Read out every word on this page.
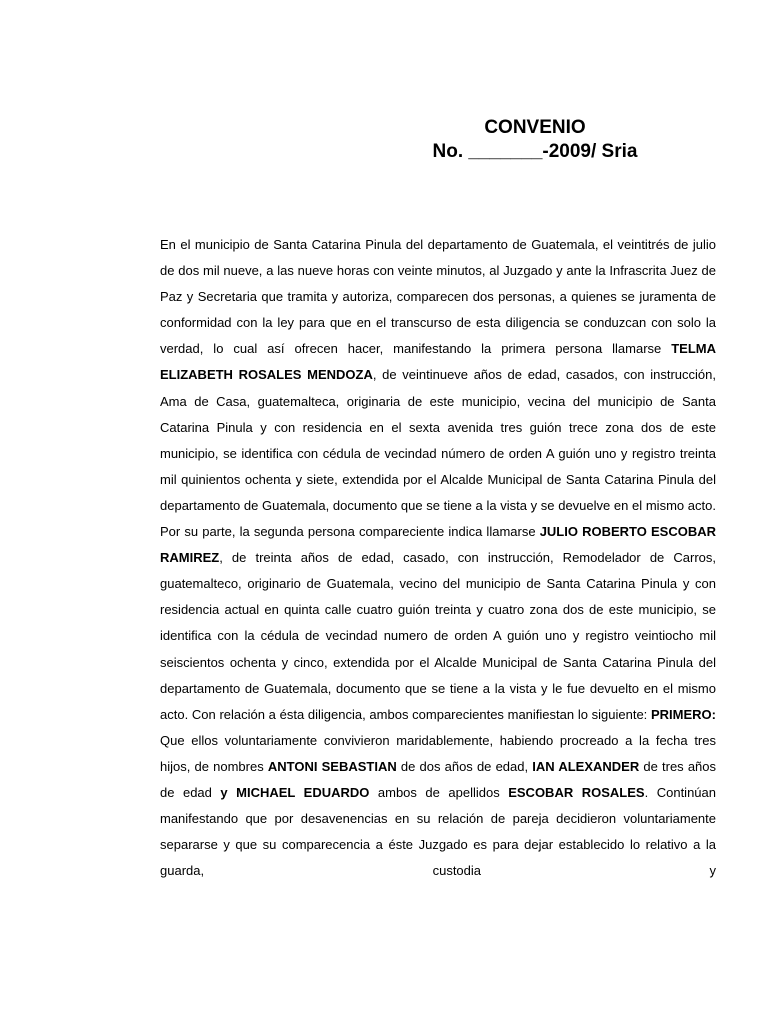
CONVENIO
No. _______-2009/ Sria
En el municipio de Santa Catarina Pinula del departamento de Guatemala, el veintitrés de julio de dos mil nueve, a las nueve horas con veinte minutos, al Juzgado y ante la Infrascrita Juez de Paz y Secretaria que tramita y autoriza, comparecen dos personas, a quienes se juramenta de conformidad con la ley para que en el transcurso de esta diligencia se conduzcan con solo la verdad, lo cual así ofrecen hacer, manifestando la primera persona llamarse TELMA ELIZABETH ROSALES MENDOZA, de veintinueve años de edad, casados, con instrucción, Ama de Casa, guatemalteca, originaria de este municipio, vecina del municipio de Santa Catarina Pinula y con residencia en el sexta avenida tres guión trece zona dos de este municipio, se identifica con cédula de vecindad número de orden A guión uno y registro treinta mil quinientos ochenta y siete, extendida por el Alcalde Municipal de Santa Catarina Pinula del departamento de Guatemala, documento que se tiene a la vista y se devuelve en el mismo acto. Por su parte, la segunda persona compareciente indica llamarse JULIO ROBERTO ESCOBAR RAMIREZ, de treinta años de edad, casado, con instrucción, Remodelador de Carros, guatemalteco, originario de Guatemala, vecino del municipio de Santa Catarina Pinula y con residencia actual en quinta calle cuatro guión treinta y cuatro zona dos de este municipio, se identifica con la cédula de vecindad numero de orden A guión uno y registro veintiocho mil seiscientos ochenta y cinco, extendida por el Alcalde Municipal de Santa Catarina Pinula del departamento de Guatemala, documento que se tiene a la vista y le fue devuelto en el mismo acto. Con relación a ésta diligencia, ambos comparecientes manifiestan lo siguiente: PRIMERO: Que ellos voluntariamente convivieron maridablemente, habiendo procreado a la fecha tres hijos, de nombres ANTONI SEBASTIAN de dos años de edad, IAN ALEXANDER de tres años de edad y MICHAEL EDUARDO ambos de apellidos ESCOBAR ROSALES. Continúan manifestando que por desavenencias en su relación de pareja decidieron voluntariamente separarse y que su comparecencia a éste Juzgado es para dejar establecido lo relativo a la guarda, custodia y
